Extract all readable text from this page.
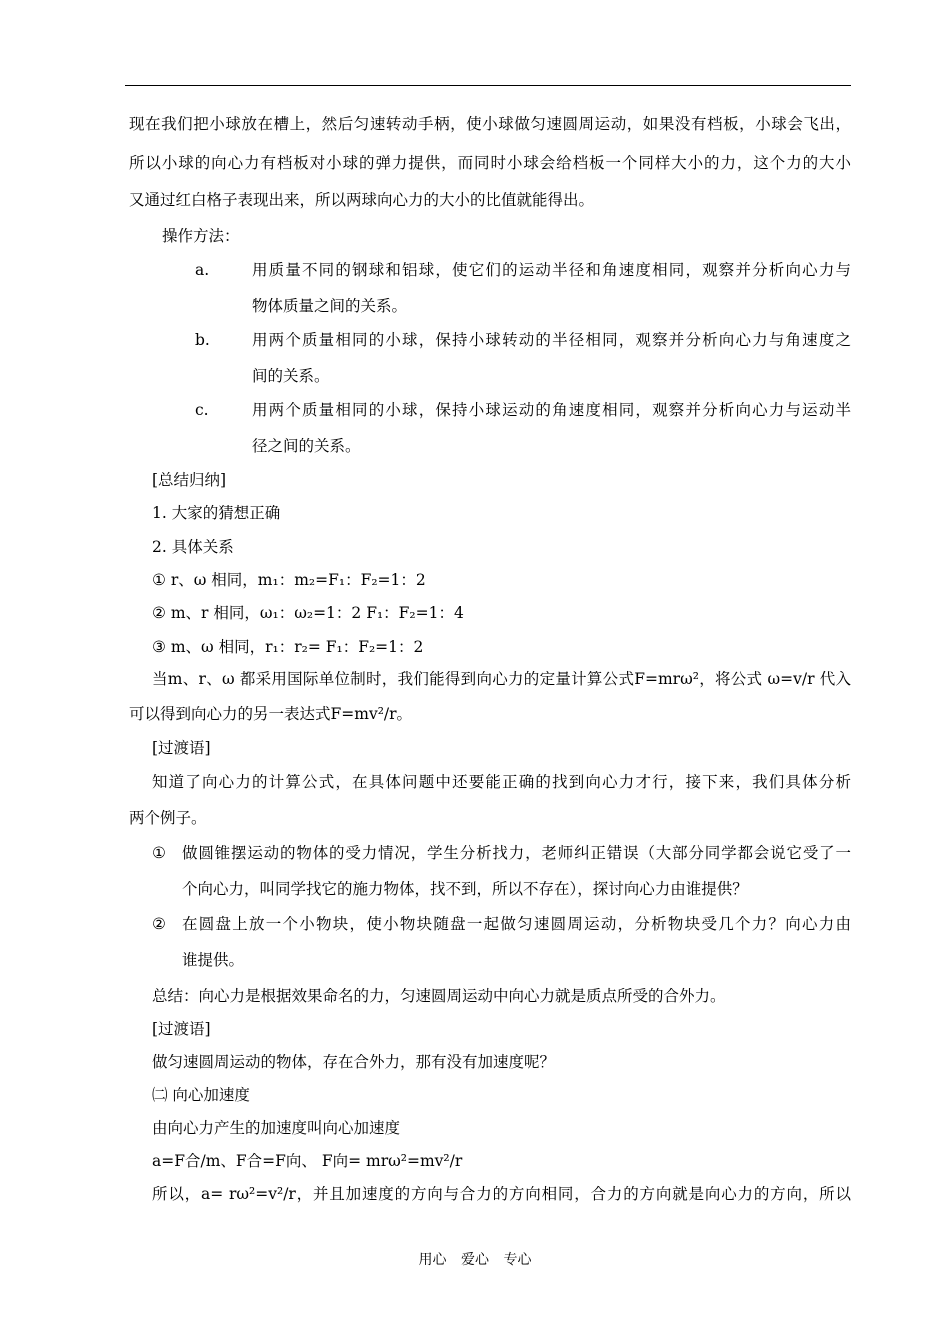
现在我们把小球放在槽上，然后匀速转动手柄，使小球做匀速圆周运动，如果没有档板，小球会飞出，
所以小球的向心力有档板对小球的弹力提供，而同时小球会给档板一个同样大小的力，这个力的大小
又通过红白格子表现出来，所以两球向心力的大小的比值就能得出。
操作方法：
a.	用质量不同的钢球和铝球，使它们的运动半径和角速度相同，观察并分析向心力与
物体质量之间的关系。
b.	用两个质量相同的小球，保持小球转动的半径相同，观察并分析向心力与角速度之
间的关系。
c.	用两个质量相同的小球，保持小球运动的角速度相同，观察并分析向心力与运动半
径之间的关系。
[总结归纳]
1. 大家的猜想正确
2. 具体关系
① r、ω 相同，m₁：m₂=F₁：F₂=1：2
② m、r 相同，ω₁：ω₂=1：2 F₁：F₂=1：4
③ m、ω 相同，r₁：r₂= F₁：F₂=1：2
当m、r、ω 都采用国际单位制时，我们能得到向心力的定量计算公式F=mrω²，将公式 ω=v/r 代入
可以得到向心力的另一表达式F=mv²/r。
[过渡语]
知道了向心力的计算公式，在具体问题中还要能正确的找到向心力才行，接下来，我们具体分析
两个例子。
① 做圆锥摆运动的物体的受力情况，学生分析找力，老师纠正错误（大部分同学都会说它受了一
个向心力，叫同学找它的施力物体，找不到，所以不存在），探讨向心力由谁提供？
② 在圆盘上放一个小物块，使小物块随盘一起做匀速圆周运动，分析物块受几个力？向心力由
谁提供。
总结：向心力是根据效果命名的力，匀速圆周运动中向心力就是质点所受的合外力。
[过渡语]
做匀速圆周运动的物体，存在合外力，那有没有加速度呢？
㈡ 向心加速度
由向心力产生的加速度叫向心加速度
a=F合/m、F合=F向、 F向= mrω²=mv²/r
所以，a= rω²=v²/r，并且加速度的方向与合力的方向相同，合力的方向就是向心力的方向，所以
用心 爱心 专心
